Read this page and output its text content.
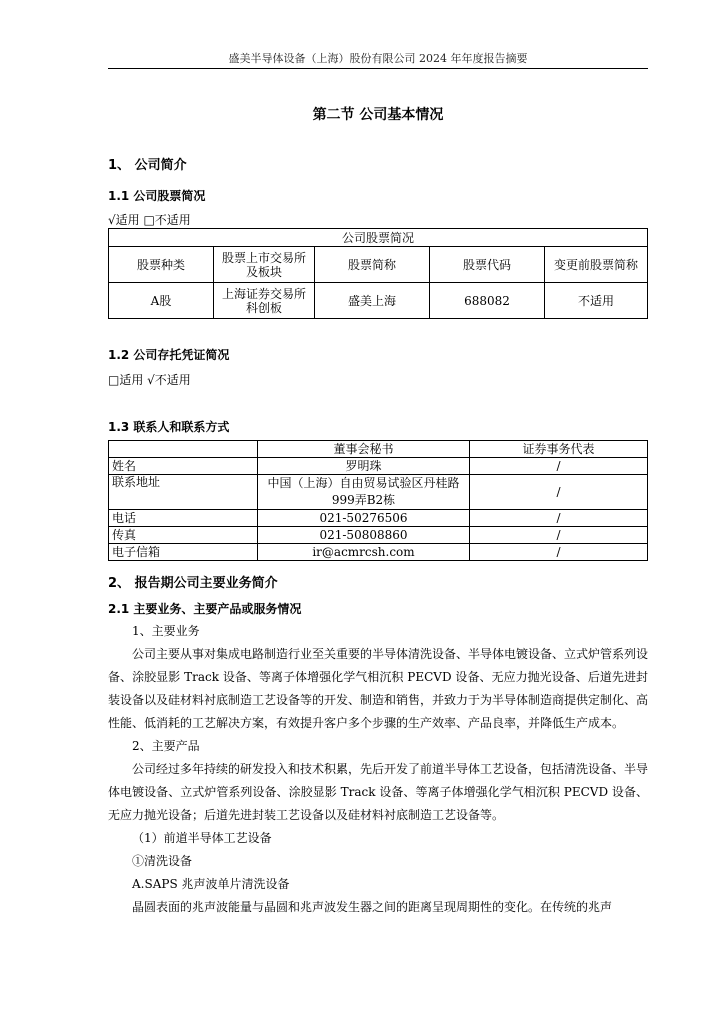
盛美半导体设备（上海）股份有限公司 2024 年年度报告摘要
第二节 公司基本情况
1、 公司简介
1.1 公司股票简况
√适用 □不适用
公司股票简况				
股票种类	股票上市交易所及板块	股票简称	股票代码	变更前股票简称
A股	上海证券交易所科创板	盛美上海	688082	不适用
1.2 公司存托凭证简况
□适用 √不适用
1.3 联系人和联系方式
	董事会秘书	证券事务代表
姓名	罗明珠	/
联系地址	中国（上海）自由贸易试验区丹桂路999弄B2栋	/
电话	021-50276506	/
传真	021-50808860	/
电子信箱	ir@acmrcsh.com	/
2、 报告期公司主要业务简介
2.1 主要业务、主要产品或服务情况

1、主要业务

公司主要从事对集成电路制造行业至关重要的半导体清洗设备、半导体电镀设备、立式炉管系列设备、涂胶显影 Track 设备、等离子体增强化学气相沉积 PECVD 设备、无应力抛光设备、后道先进封装设备以及硅材料衬底制造工艺设备等的开发、制造和销售，并致力于为半导体制造商提供定制化、高性能、低消耗的工艺解决方案，有效提升客户多个步骤的生产效率、产品良率，并降低生产成本。

2、主要产品

公司经过多年持续的研发投入和技术积累，先后开发了前道半导体工艺设备，包括清洗设备、半导体电镀设备、立式炉管系列设备、涂胶显影 Track 设备、等离子体增强化学气相沉积 PECVD 设备、无应力抛光设备；后道先进封装工艺设备以及硅材料衬底制造工艺设备等。

（1）前道半导体工艺设备

①清洗设备

A.SAPS 兆声波单片清洗设备

晶圆表面的兆声波能量与晶圆和兆声波发生器之间的距离呈现周期性的变化。在传统的兆声
